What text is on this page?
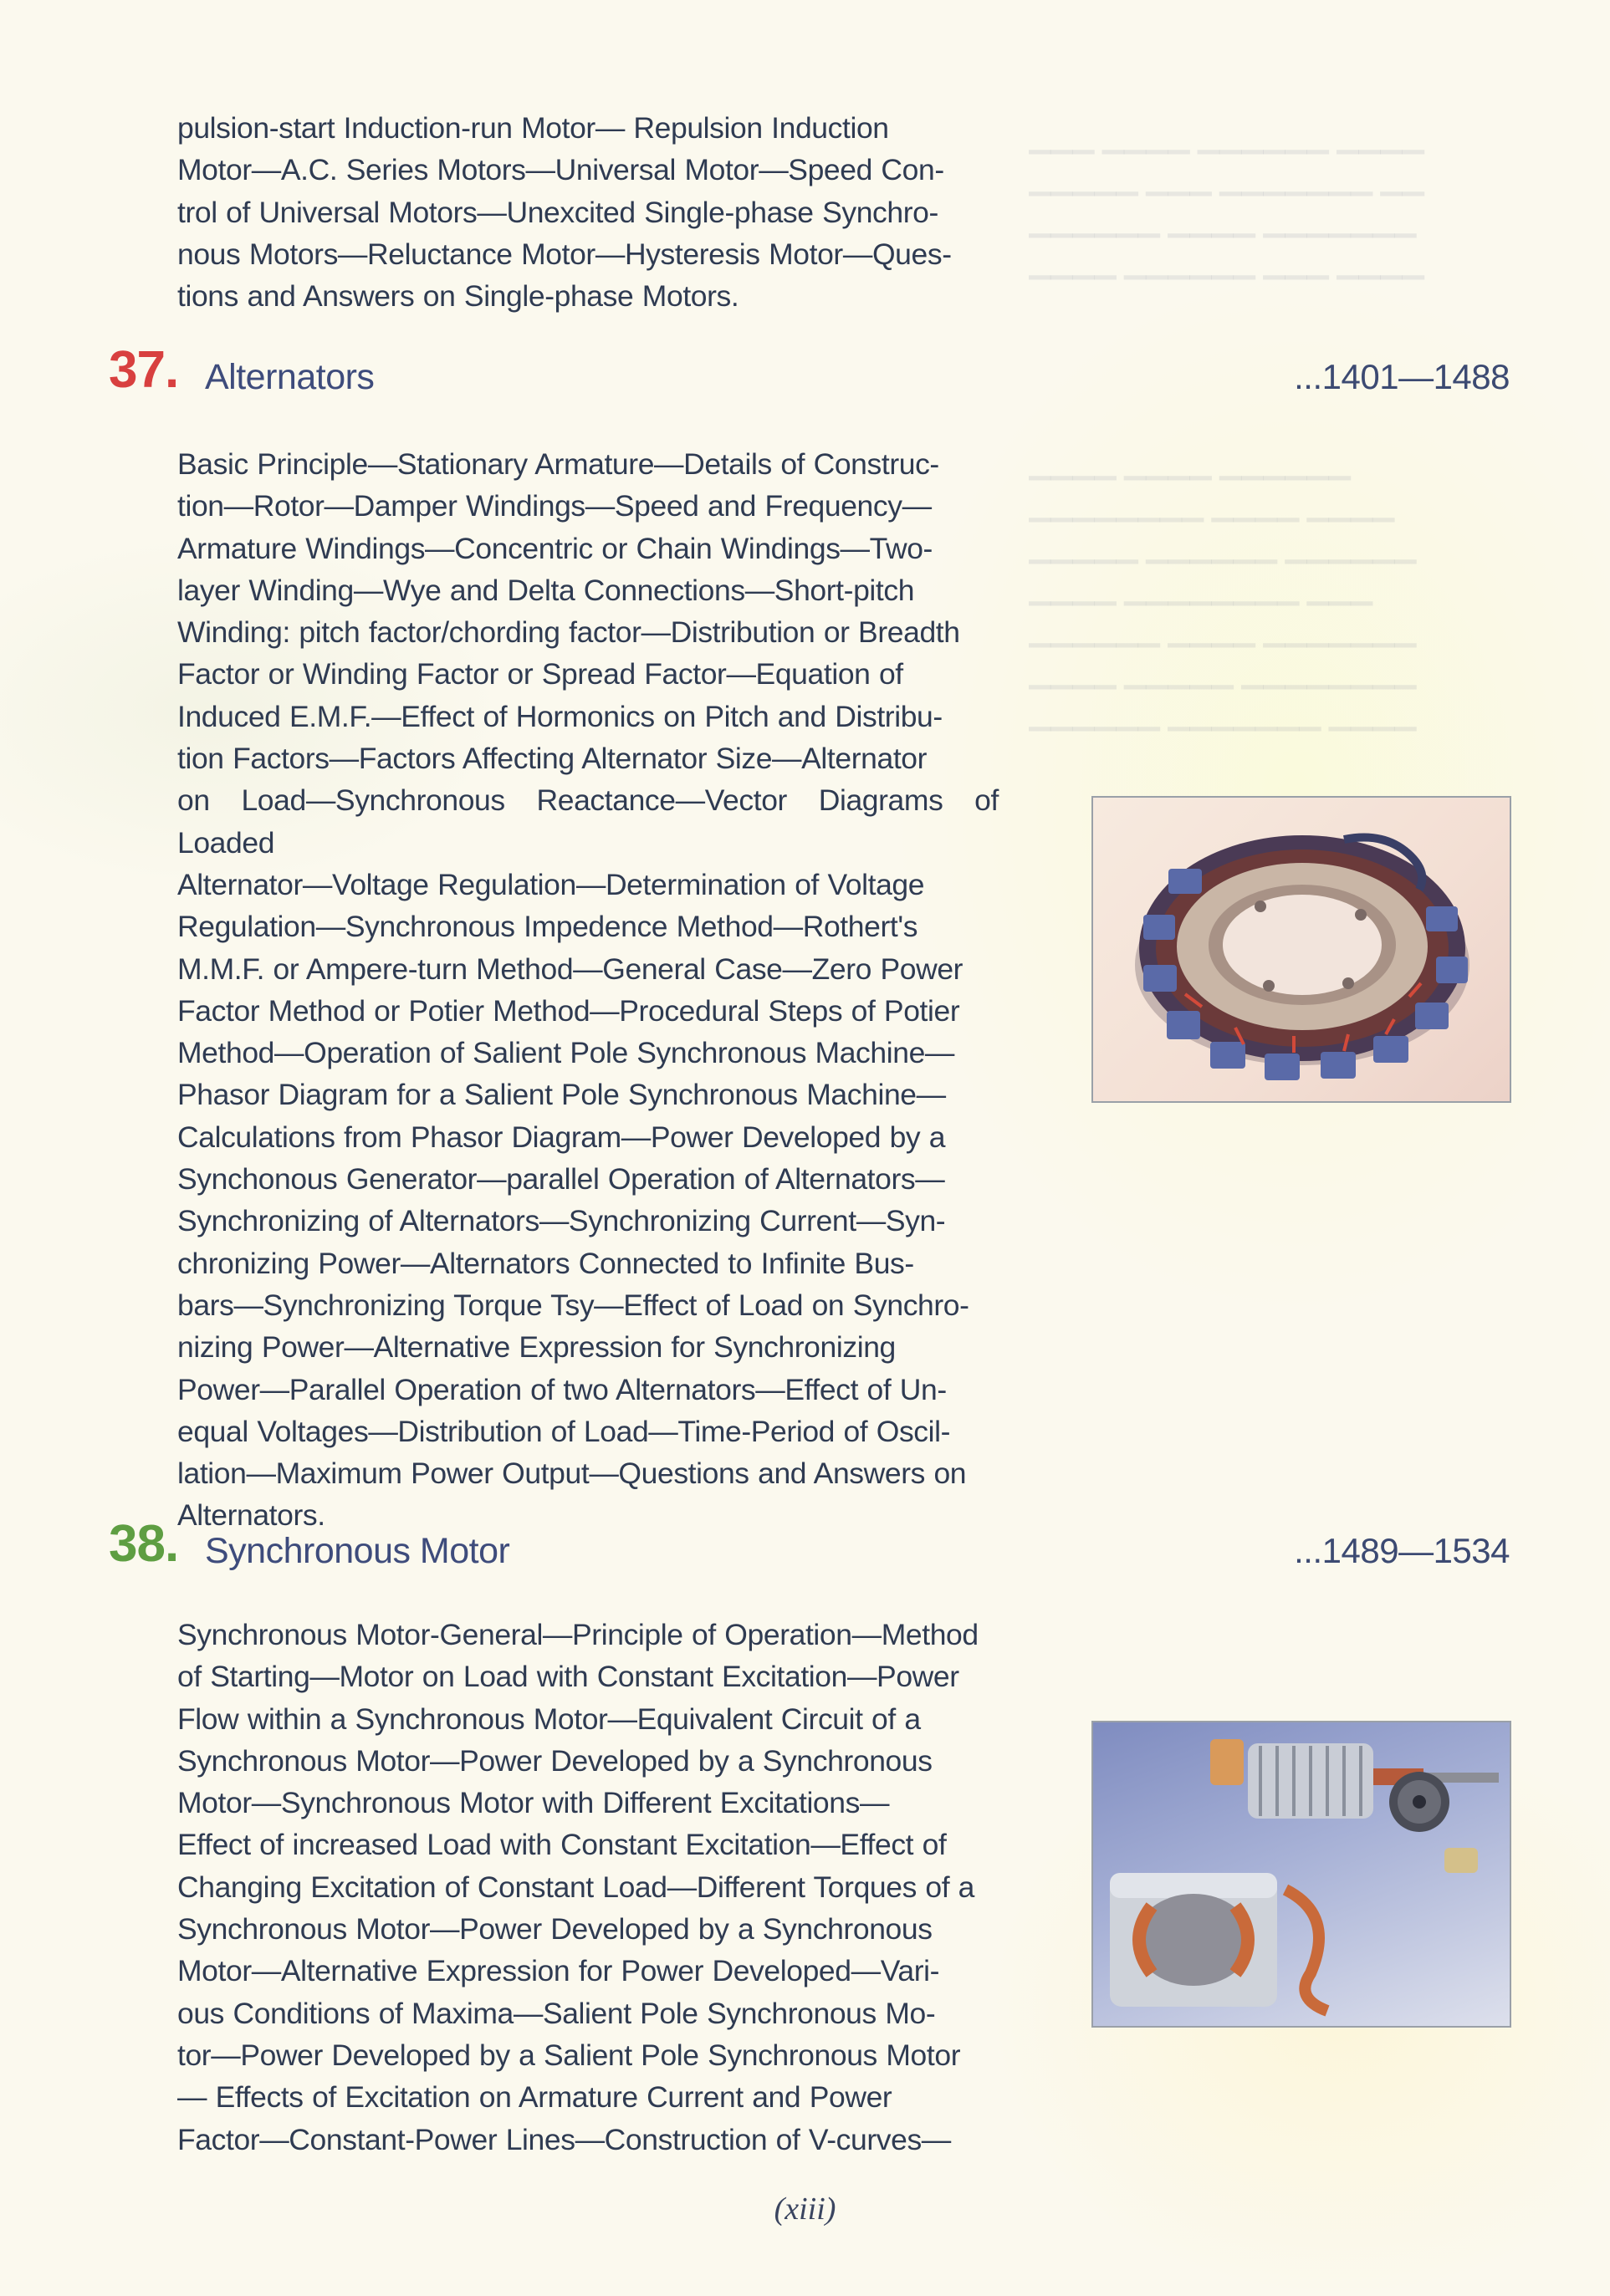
▁▁▁ ▁▁▁▁ ▁▁▁▁▁▁ ▁▁▁▁
▁▁▁▁▁ ▁▁▁ ▁▁▁▁▁▁▁ ▁▁
▁▁▁▁▁▁ ▁▁▁▁ ▁▁▁▁▁▁▁
▁▁▁▁ ▁▁▁▁▁▁ ▁▁▁ ▁▁▁▁
▁▁▁▁ ▁▁▁▁ ▁▁▁▁▁▁
▁▁▁▁▁▁▁▁ ▁▁▁▁ ▁▁▁▁
▁▁▁▁▁ ▁▁▁▁▁▁ ▁▁▁▁▁▁
▁▁▁▁ ▁▁▁▁▁▁▁▁ ▁▁▁
▁▁▁▁▁▁ ▁▁▁▁ ▁▁▁▁▁▁▁
▁▁▁▁ ▁▁▁▁▁ ▁▁▁▁▁▁▁▁
▁▁▁▁▁▁ ▁▁▁▁▁▁▁ ▁▁▁▁
pulsion-start Induction-run Motor— Repulsion Induction
Motor—A.C. Series Motors—Universal Motor—Speed Con-
trol of Universal Motors—Unexcited Single-phase Synchro-
nous Motors—Reluctance Motor—Hysteresis Motor—Ques-
tions and Answers on Single-phase Motors.
37. Alternators	...1401—1488
Basic Principle—Stationary Armature—Details of Construc-
tion—Rotor—Damper Windings—Speed and Frequency—
Armature Windings—Concentric or Chain Windings—Two-
layer Winding—Wye and Delta Connections—Short-pitch
Winding: pitch factor/chording factor—Distribution or Breadth
Factor or Winding Factor or Spread Factor—Equation of
Induced E.M.F.—Effect of Hormonics on Pitch and Distribu-
tion Factors—Factors Affecting Alternator Size—Alternator
on Load—Synchronous Reactance—Vector Diagrams of Loaded
Alternator—Voltage Regulation—Determination of Voltage
Regulation—Synchronous Impedence Method—Rothert's
M.M.F. or Ampere-turn Method—General Case—Zero Power
Factor Method or Potier Method—Procedural Steps of Potier
Method—Operation of Salient Pole Synchronous Machine—
Phasor Diagram for a Salient Pole Synchronous Machine—
Calculations from Phasor Diagram—Power Developed by a
Synchonous Generator—parallel Operation of Alternators—
Synchronizing of Alternators—Synchronizing Current—Syn-
chronizing Power—Alternators Connected to Infinite Bus-
bars—Synchronizing Torque Tsy—Effect of Load on Synchro-
nizing Power—Alternative Expression for Synchronizing
Power—Parallel Operation of two Alternators—Effect of Un-
equal Voltages—Distribution of Load—Time-Period of Oscil-
lation—Maximum Power Output—Questions and Answers on
Alternators.
38. Synchronous Motor	...1489—1534
Synchronous Motor-General—Principle of Operation—Method
of Starting—Motor on Load with Constant Excitation—Power
Flow within a Synchronous Motor—Equivalent Circuit of a
Synchronous Motor—Power Developed by a Synchronous
Motor—Synchronous Motor with Different Excitations—
Effect of increased Load with Constant Excitation—Effect of
Changing Excitation of Constant Load—Different Torques of a
Synchronous Motor—Power Developed by a Synchronous
Motor—Alternative Expression for Power Developed—Vari-
ous Conditions of Maxima—Salient Pole Synchronous Mo-
tor—Power Developed by a Salient Pole Synchronous Motor
— Effects of Excitation on Armature Current and Power
Factor—Constant-Power Lines—Construction of V-curves—
(xiii)
